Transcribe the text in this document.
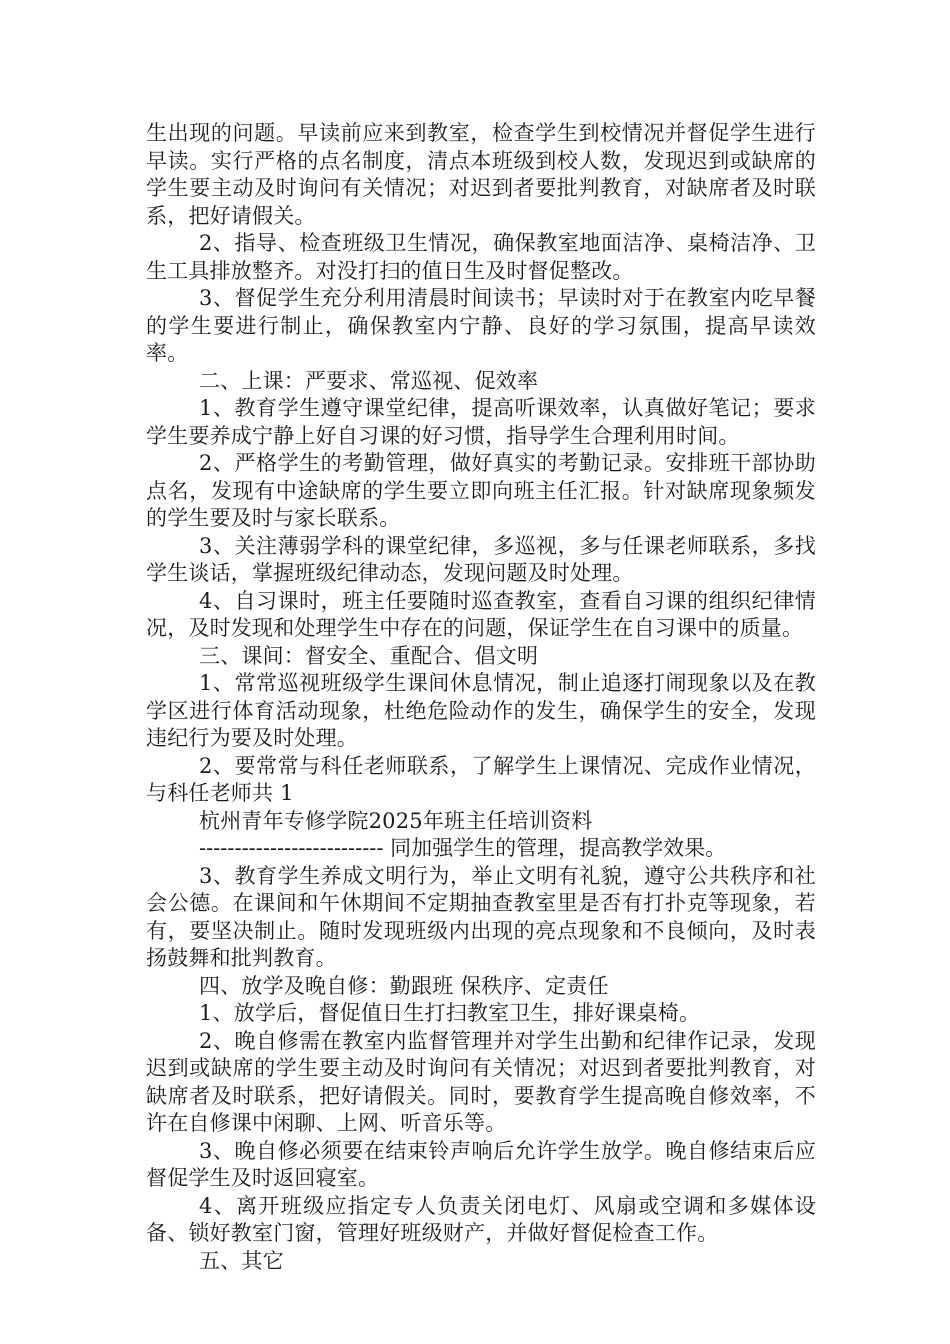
生出现的问题。早读前应来到教室，检查学生到校情况并督促学生进行早读。实行严格的点名制度，清点本班级到校人数，发现迟到或缺席的学生要主动及时询问有关情况；对迟到者要批判教育，对缺席者及时联系，把好请假关。

2、指导、检查班级卫生情况，确保教室地面洁净、桌椅洁净、卫生工具排放整齐。对没打扫的值日生及时督促整改。

3、督促学生充分利用清晨时间读书；早读时对于在教室内吃早餐的学生要进行制止，确保教室内宁静、良好的学习氛围，提高早读效率。

二、上课：严要求、常巡视、促效率

1、教育学生遵守课堂纪律，提高听课效率，认真做好笔记；要求学生要养成宁静上好自习课的好习惯，指导学生合理利用时间。

2、严格学生的考勤管理，做好真实的考勤记录。安排班干部协助点名，发现有中途缺席的学生要立即向班主任汇报。针对缺席现象频发的学生要及时与家长联系。

3、关注薄弱学科的课堂纪律，多巡视，多与任课老师联系，多找学生谈话，掌握班级纪律动态，发现问题及时处理。

4、自习课时，班主任要随时巡查教室，查看自习课的组织纪律情况，及时发现和处理学生中存在的问题，保证学生在自习课中的质量。

三、课间：督安全、重配合、倡文明

1、常常巡视班级学生课间休息情况，制止追逐打闹现象以及在教学区进行体育活动现象，杜绝危险动作的发生，确保学生的安全，发现违纪行为要及时处理。

2、要常常与科任老师联系，了解学生上课情况、完成作业情况，与科任老师共 1

杭州青年专修学院2025年班主任培训资料

-------------------------- 同加强学生的管理，提高教学效果。

3、教育学生养成文明行为，举止文明有礼貌，遵守公共秩序和社会公德。在课间和午休期间不定期抽查教室里是否有打扑克等现象，若有，要坚决制止。随时发现班级内出现的亮点现象和不良倾向，及时表扬鼓舞和批判教育。

四、放学及晚自修：勤跟班 保秩序、定责任

1、放学后，督促值日生打扫教室卫生，排好课桌椅。

2、晚自修需在教室内监督管理并对学生出勤和纪律作记录，发现迟到或缺席的学生要主动及时询问有关情况；对迟到者要批判教育，对缺席者及时联系，把好请假关。同时，要教育学生提高晚自修效率，不许在自修课中闲聊、上网、听音乐等。

3、晚自修必须要在结束铃声响后允许学生放学。晚自修结束后应督促学生及时返回寝室。

4、离开班级应指定专人负责关闭电灯、风扇或空调和多媒体设备、锁好教室门窗，管理好班级财产，并做好督促检查工作。

五、其它
